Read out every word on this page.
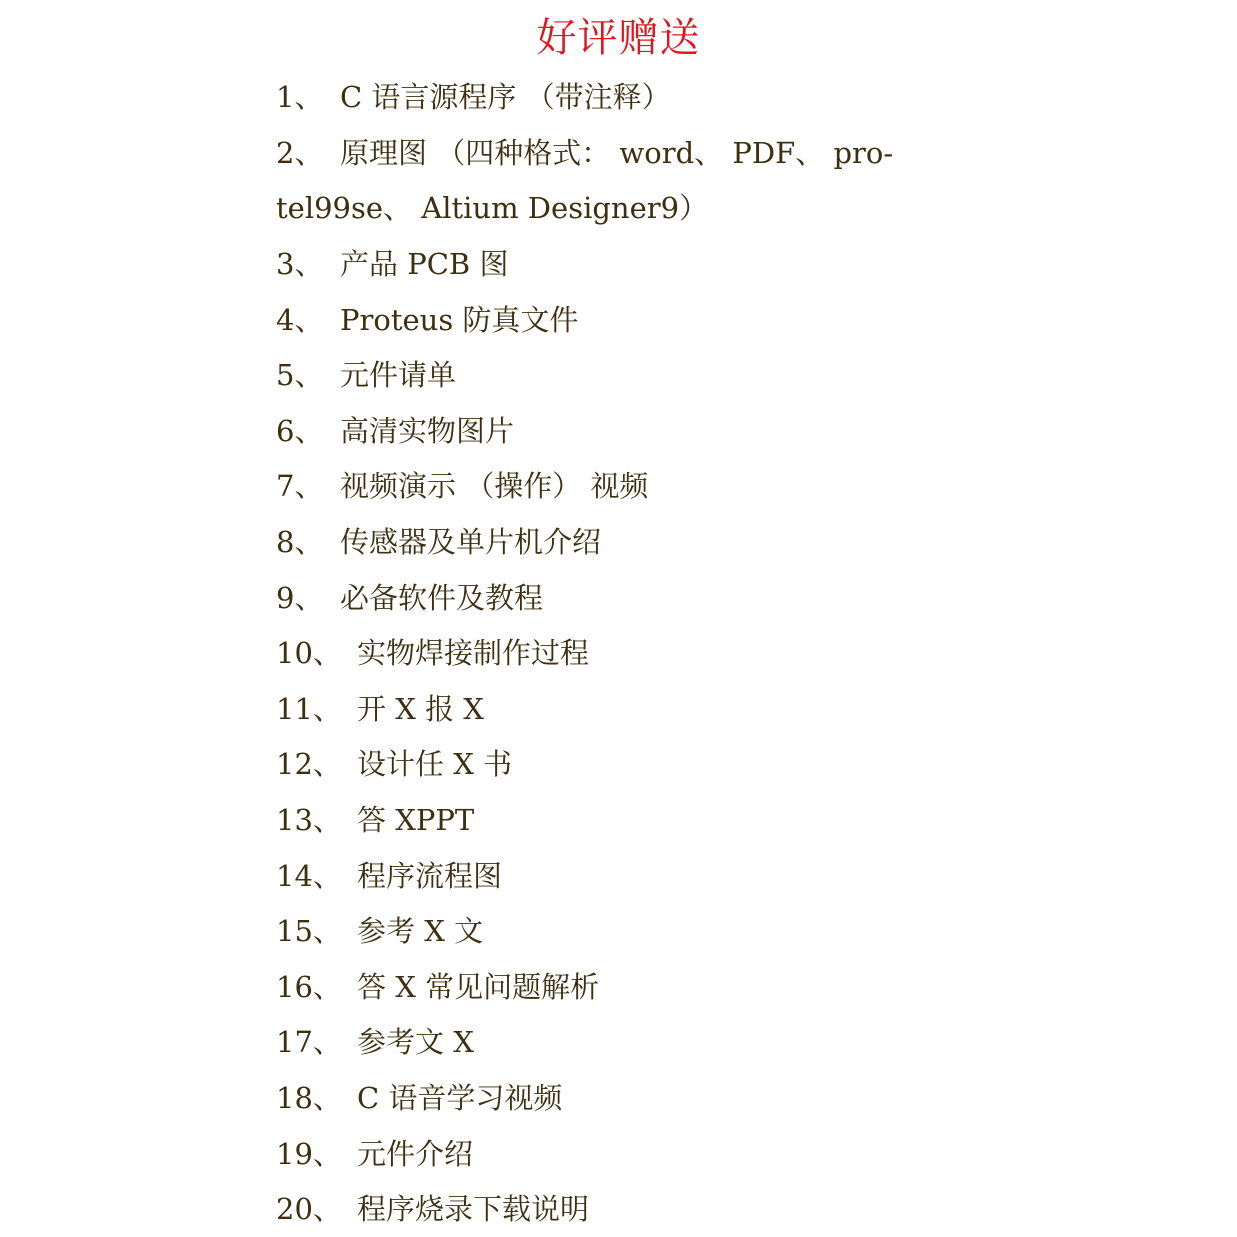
好评赠送
1、 C 语言源程序 （带注释）
2、 原理图 （四种格式： word、 PDF、 pro-
tel99se、 Altium Designer9）
3、 产品 PCB 图
4、 Proteus 防真文件
5、 元件请单
6、 高清实物图片
7、 视频演示 （操作） 视频
8、 传感器及单片机介绍
9、 必备软件及教程
10、 实物焊接制作过程
11、 开 X 报 X
12、 设计任 X 书
13、 答 XPPT
14、 程序流程图
15、 参考 X 文
16、 答 X 常见问题解析
17、 参考文 X
18、 C 语音学习视频
19、 元件介绍
20、 程序烧录下载说明
